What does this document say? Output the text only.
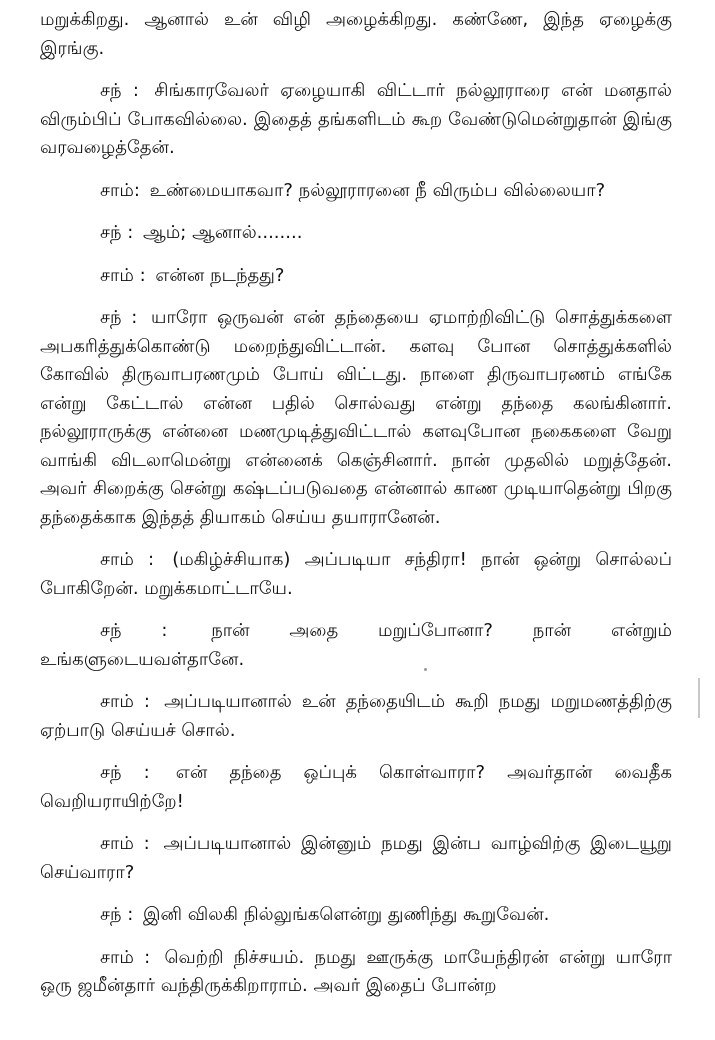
மறுக்கிறது. ஆனால் உன் விழி அழைக்கிறது. கண்ணே, இந்த ஏழைக்கு இரங்கு.

சந் : சிங்காரவேலர் ஏழையாகி விட்டார் நல்லூராரை என் மனதால் விரும்பிப் போகவில்லை. இதைத் தங்களிடம் கூற வேண்டுமென்றுதான் இங்கு வரவழைத்தேன்.

சாம்: உண்மையாகவா? நல்லூராரனை நீ விரும்ப வில்லையா?

சந் : ஆம்; ஆனால்........

சாம் : என்ன நடந்தது?

சந் : யாரோ ஒருவன் என் தந்தையை ஏமாற்றிவிட்டு சொத்துக்களை அபகரித்துக்கொண்டு மறைந்துவிட்டான். களவு போன சொத்துக்களில் கோவில் திருவாபரணமும் போய் விட்டது. நாளை திருவாபரணம் எங்கே என்று கேட்டால் என்ன பதில் சொல்வது என்று தந்தை கலங்கினார். நல்லூராருக்கு என்னை மணமுடித்துவிட்டால் களவுபோன நகைகளை வேறு வாங்கி விடலாமென்று என்னைக் கெஞ்சினார். நான் முதலில் மறுத்தேன். அவர் சிறைக்கு சென்று கஷ்டப்படுவதை என்னால் காண முடியாதென்று பிறகு தந்தைக்காக இந்தத் தியாகம் செய்ய தயாரானேன்.

சாம் : (மகிழ்ச்சியாக) அப்படியா சந்திரா! நான் ஒன்று சொல்லப் போகிறேன். மறுக்கமாட்டாயே.

சந் : நான் அதை மறுப்போனா? நான் என்றும் உங்களுடையவள்தானே.

சாம் : அப்படியானால் உன் தந்தையிடம் கூறி நமது மறுமணத்திற்கு ஏற்பாடு செய்யச் சொல்.

சந் : என் தந்தை ஒப்புக் கொள்வாரா? அவர்தான் வைதீக வெறியராயிற்றே!

சாம் : அப்படியானால் இன்னும் நமது இன்ப வாழ்விற்கு இடையூறு செய்வாரா?

சந் : இனி விலகி நில்லுங்களென்று துணிந்து கூறுவேன்.

சாம் : வெற்றி நிச்சயம். நமது ஊருக்கு மாயேந்திரன் என்று யாரோ ஒரு ஜமீன்தார் வந்திருக்கிறாராம். அவர் இதைப் போன்ற
